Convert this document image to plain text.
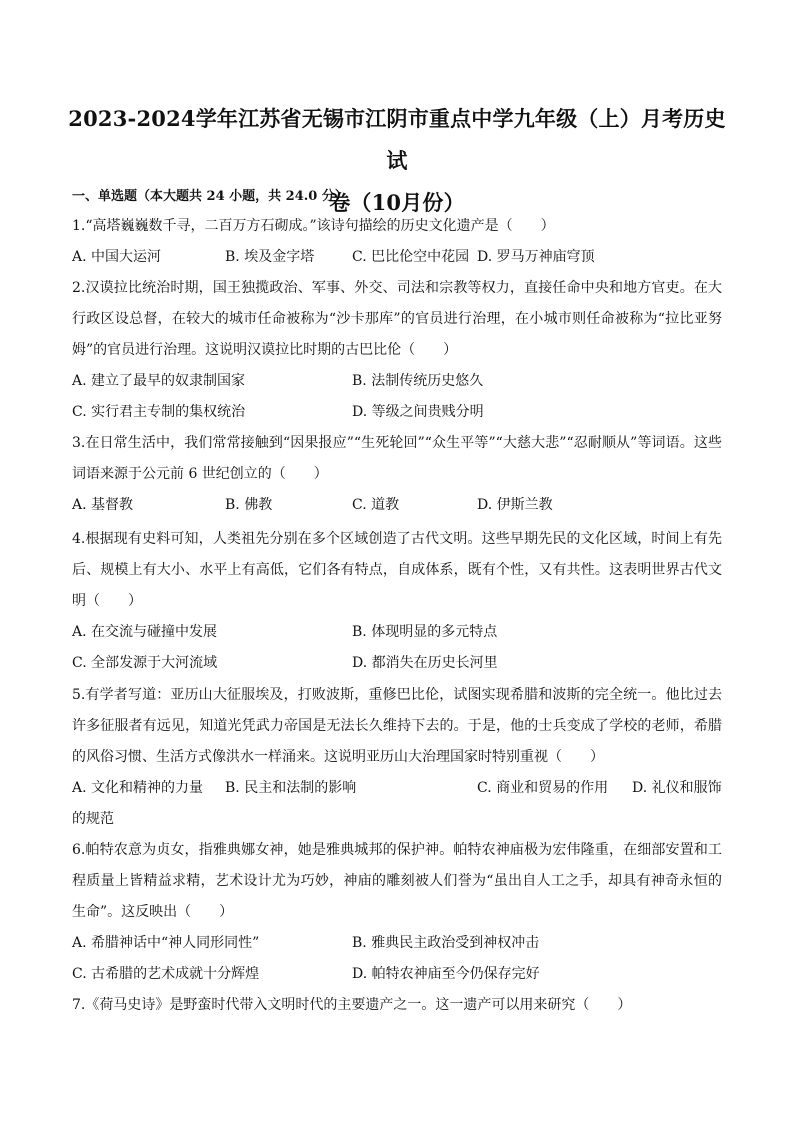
2023-2024学年江苏省无锡市江阴市重点中学九年级（上）月考历史试
卷（10月份）
一、单选题（本大题共 24 小题，共 24.0 分）

1.“高塔巍巍数千寻，二百万方石砌成。”该诗句描绘的历史文化遗产是（　　）

A. 中国大运河	B. 埃及金字塔	C. 巴比伦空中花园 D. 罗马万神庙穹顶

2.汉谟拉比统治时期，国王独揽政治、军事、外交、司法和宗教等权力，直接任命中央和地方官吏。在大行政区设总督，在较大的城市任命被称为“沙卡那库”的官员进行治理，在小城市则任命被称为“拉比亚努姆”的官员进行治理。这说明汉谟拉比时期的古巴比伦（　　）

A. 建立了最早的奴隶制国家	B. 法制传统历史悠久
C. 实行君主专制的集权统治	D. 等级之间贵贱分明

3.在日常生活中，我们常常接触到“因果报应”“生死轮回”“众生平等”“大慈大悲”“忍耐顺从”等词语。这些词语来源于公元前 6 世纪创立的（　　）

A. 基督教	B. 佛教	C. 道教	D. 伊斯兰教

4.根据现有史料可知，人类祖先分别在多个区域创造了古代文明。这些早期先民的文化区域，时间上有先后、规模上有大小、水平上有高低，它们各有特点，自成体系，既有个性，又有共性。这表明世界古代文明（　　）

A. 在交流与碰撞中发展	B. 体现明显的多元特点
C. 全部发源于大河流域	D. 都消失在历史长河里

5.有学者写道：亚历山大征服埃及，打败波斯，重修巴比伦，试图实现希腊和波斯的完全统一。他比过去许多征服者有远见，知道光凭武力帝国是无法长久维持下去的。于是，他的士兵变成了学校的老师，希腊的风俗习惯、生活方式像洪水一样涌来。这说明亚历山大治理国家时特别重视（　　）

A. 文化和精神的力量 B. 民主和法制的影响	C. 商业和贸易的作用 D. 礼仪和服饰
的规范

6.帕特农意为贞女，指雅典娜女神，她是雅典城邦的保护神。帕特农神庙极为宏伟隆重，在细部安置和工程质量上皆精益求精，艺术设计尤为巧妙，神庙的雕刻被人们誉为“虽出自人工之手，却具有神奇永恒的生命”。这反映出（　　）

A. 希腊神话中“神人同形同性”	B. 雅典民主政治受到神权冲击
C. 古希腊的艺术成就十分辉煌	D. 帕特农神庙至今仍保存完好

7.《荷马史诗》是野蛮时代带入文明时代的主要遗产之一。这一遗产可以用来研究（　　）
